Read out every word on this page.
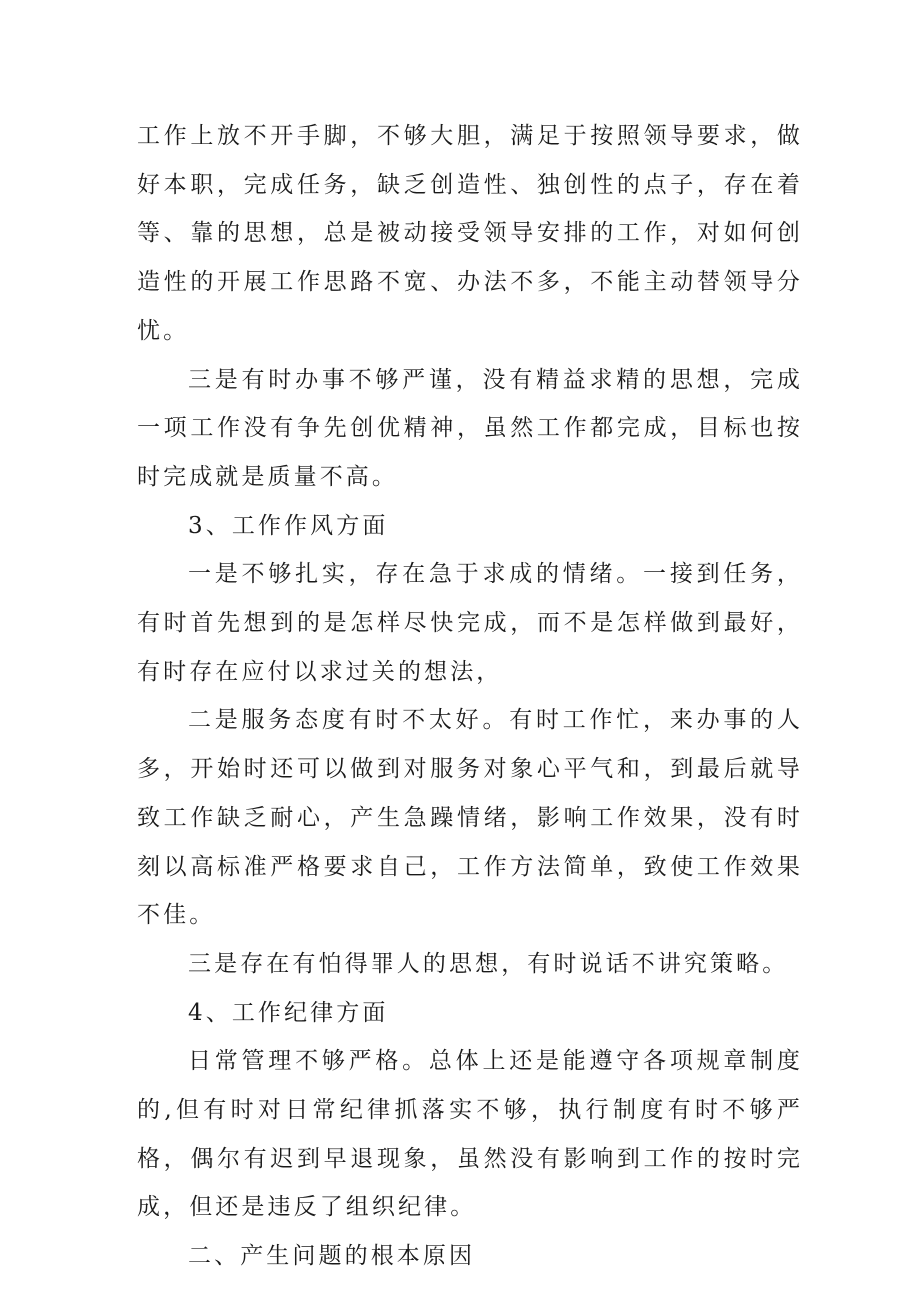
工作上放不开手脚，不够大胆，满足于按照领导要求，做好本职，完成任务，缺乏创造性、独创性的点子，存在着等、靠的思想，总是被动接受领导安排的工作，对如何创造性的开展工作思路不宽、办法不多，不能主动替领导分忧。

三是有时办事不够严谨，没有精益求精的思想，完成一项工作没有争先创优精神，虽然工作都完成，目标也按时完成就是质量不高。

3、工作作风方面

一是不够扎实，存在急于求成的情绪。一接到任务，有时首先想到的是怎样尽快完成，而不是怎样做到最好，有时存在应付以求过关的想法，

二是服务态度有时不太好。有时工作忙，来办事的人多，开始时还可以做到对服务对象心平气和，到最后就导致工作缺乏耐心，产生急躁情绪，影响工作效果，没有时刻以高标准严格要求自己，工作方法简单，致使工作效果不佳。

三是存在有怕得罪人的思想，有时说话不讲究策略。

4、工作纪律方面

日常管理不够严格。总体上还是能遵守各项规章制度的,但有时对日常纪律抓落实不够，执行制度有时不够严格，偶尔有迟到早退现象，虽然没有影响到工作的按时完成，但还是违反了组织纪律。

二、产生问题的根本原因
